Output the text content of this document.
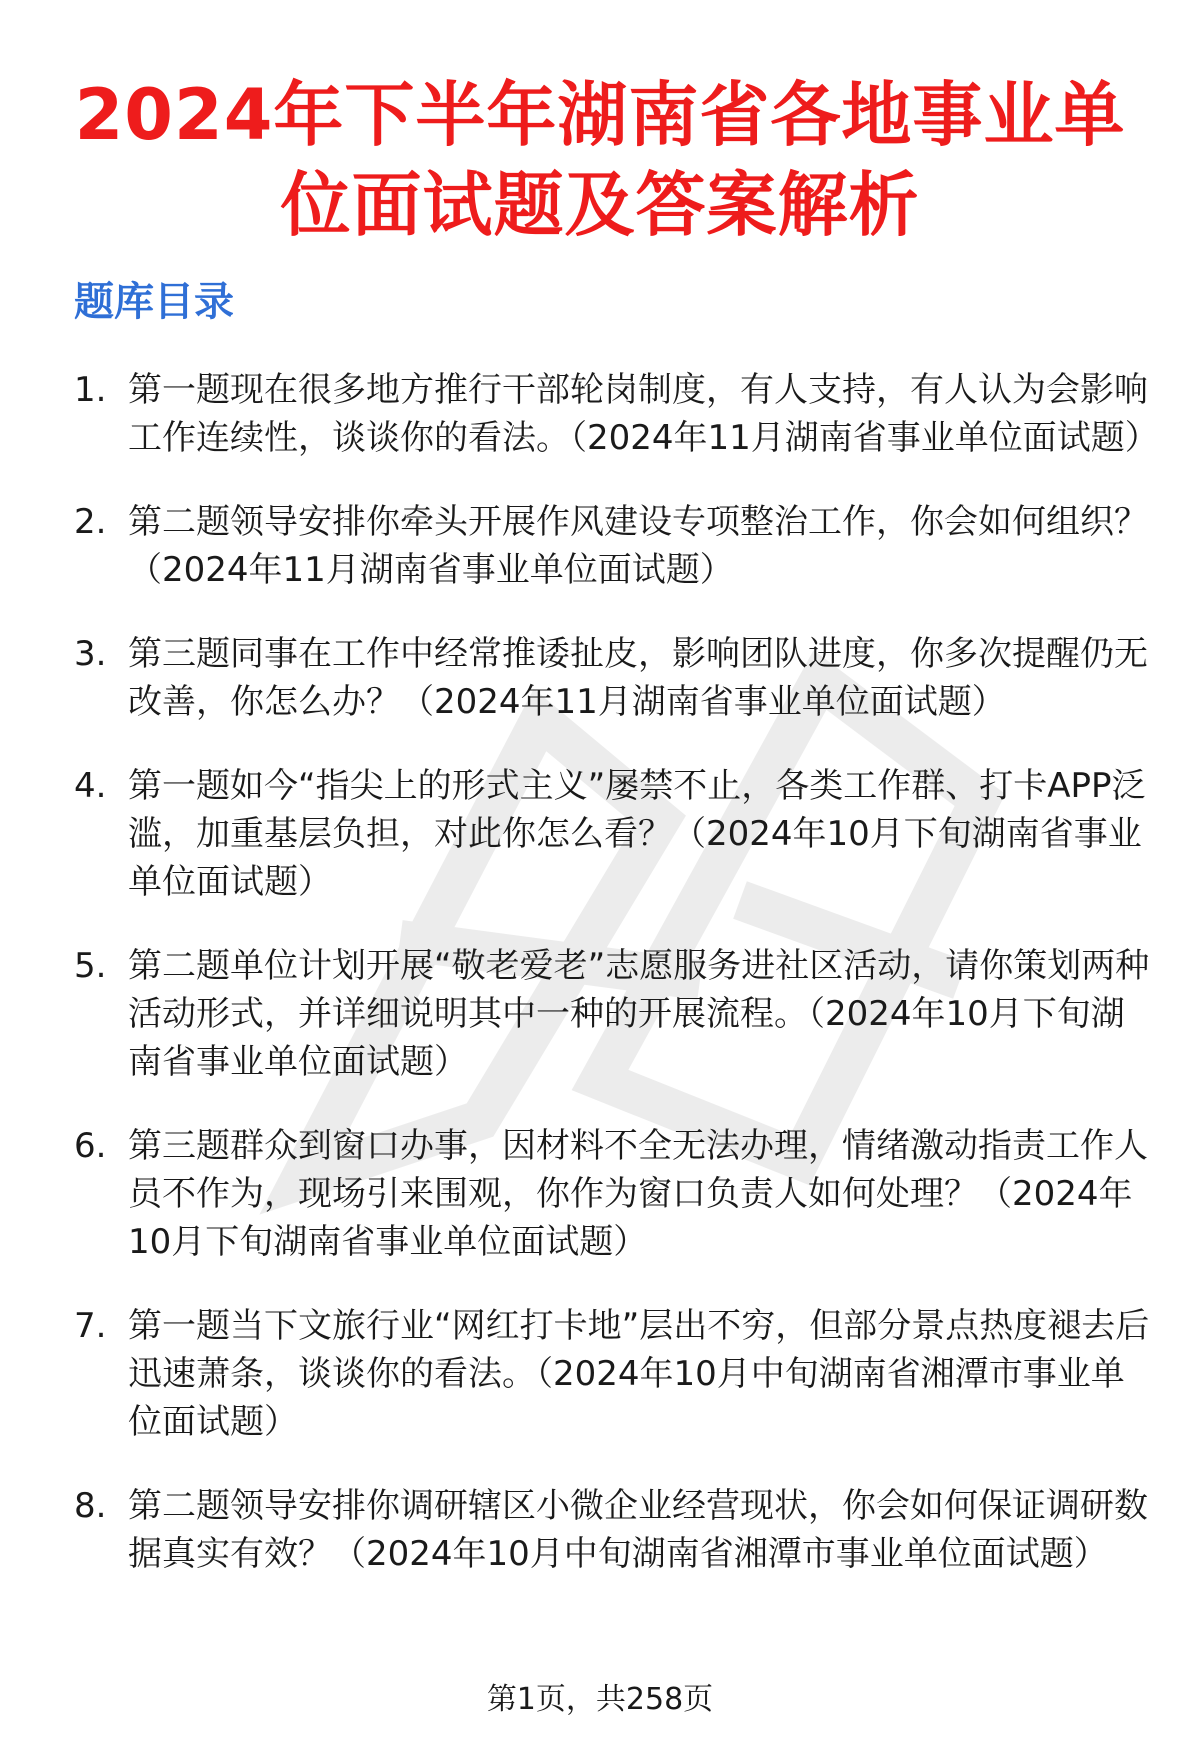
2024年下半年湖南省各地事业单位面试题及答案解析
题库目录
1. 第一题现在很多地方推行干部轮岗制度，有人支持，有人认为会影响工作连续性，谈谈你的看法。（2024年11月湖南省事业单位面试题）
2. 第二题领导安排你牵头开展作风建设专项整治工作，你会如何组织？（2024年11月湖南省事业单位面试题）
3. 第三题同事在工作中经常推诿扯皮，影响团队进度，你多次提醒仍无改善，你怎么办？（2024年11月湖南省事业单位面试题）
4. 第一题如今“指尖上的形式主义”屡禁不止，各类工作群、打卡APP泛滥，加重基层负担，对此你怎么看？（2024年10月下旬湖南省事业单位面试题）
5. 第二题单位计划开展“敬老爱老”志愿服务进社区活动，请你策划两种活动形式，并详细说明其中一种的开展流程。（2024年10月下旬湖南省事业单位面试题）
6. 第三题群众到窗口办事，因材料不全无法办理，情绪激动指责工作人员不作为，现场引来围观，你作为窗口负责人如何处理？（2024年10月下旬湖南省事业单位面试题）
7. 第一题当下文旅行业“网红打卡地”层出不穷，但部分景点热度褪去后迅速萧条，谈谈你的看法。（2024年10月中旬湖南省湘潭市事业单位面试题）
8. 第二题领导安排你调研辖区小微企业经营现状，你会如何保证调研数据真实有效？（2024年10月中旬湖南省湘潭市事业单位面试题）
第1页，共258页
